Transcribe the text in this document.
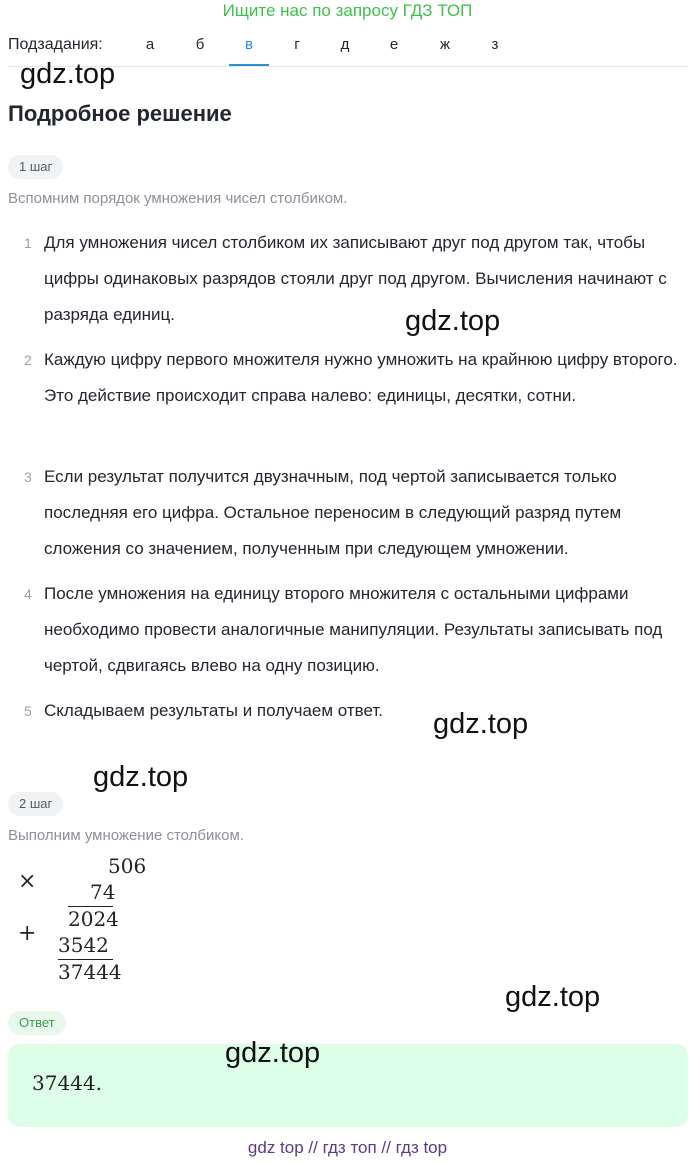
Ищите нас по запросу ГДЗ ТОП
Подзадания:	а	б	в	г	д	е	ж	з
gdz.top
Подробное решение
1 шаг
Вспомним порядок умножения чисел столбиком.
1 Для умножения чисел столбиком их записывают друг под другом так, чтобы цифры одинаковых разрядов стояли друг под другом. Вычисления начинают с разряда единиц.
2 Каждую цифру первого множителя нужно умножить на крайнюю цифру второго. Это действие происходит справа налево: единицы, десятки, сотни.
3 Если результат получится двузначным, под чертой записывается только последняя его цифра. Остальное переносим в следующий разряд путем сложения со значением, полученным при следующем умножении.
4 После умножения на единицу второго множителя с остальными цифрами необходимо провести аналогичные манипуляции. Результаты записывать под чертой, сдвигаясь влево на одну позицию.
5 Складываем результаты и получаем ответ.
gdz.top
gdz.top
gdz.top
2 шаг
Выполним умножение столбиком.
×
506
74
+
2024
3542
37444
gdz.top
Ответ
37444.
gdz.top
gdz top // гдз топ // гдз top
